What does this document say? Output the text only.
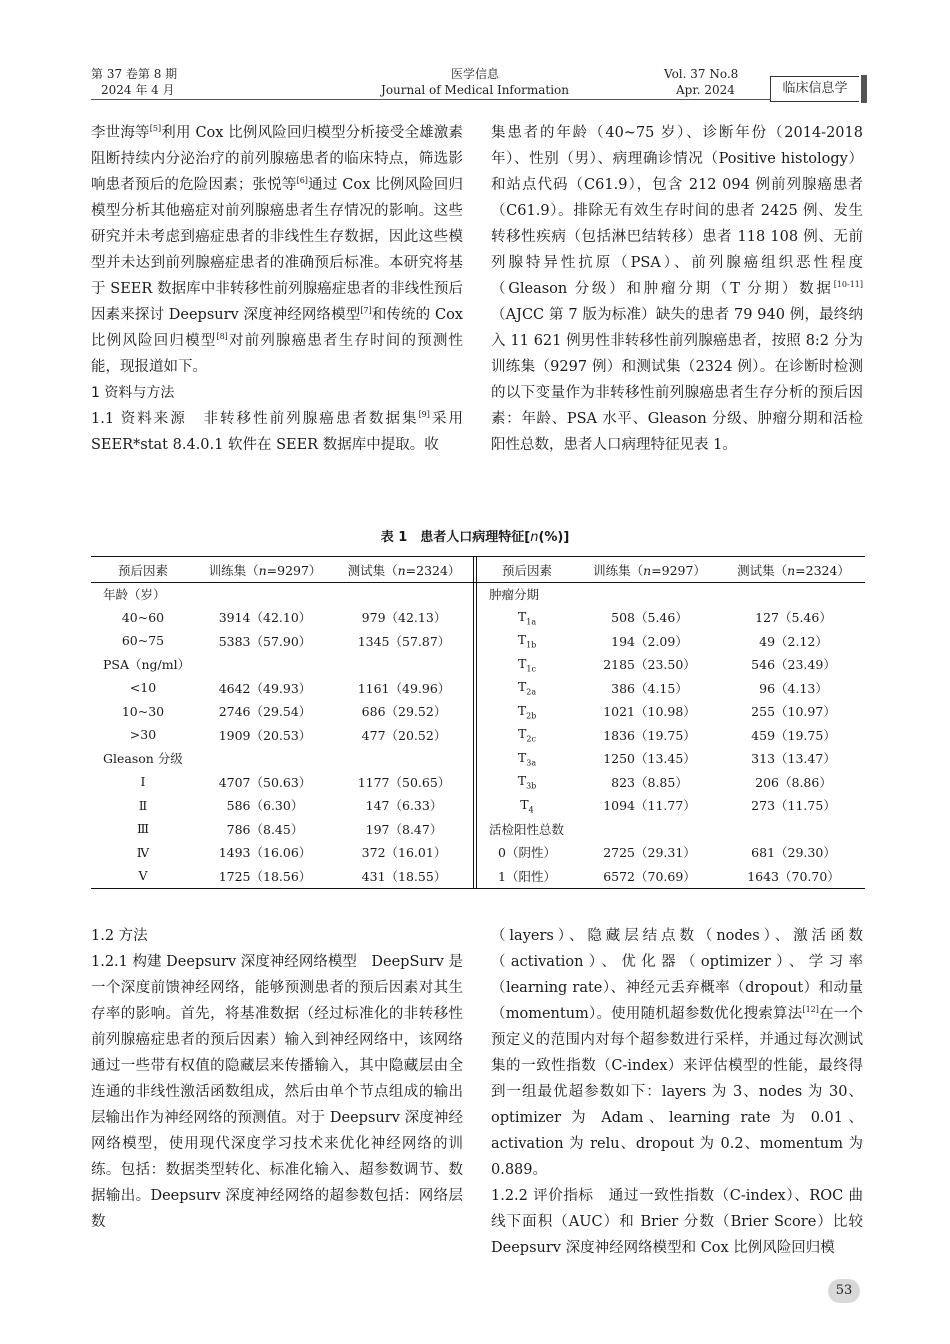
第 37 卷第 8 期
2024 年 4 月
医学信息
Journal of Medical Information
Vol. 37 No.8
Apr. 2024	临床信息学

李世海等[5]利用 Cox 比例风险回归模型分析接受全雄激素阻断持续内分泌治疗的前列腺癌患者的临床特点，筛选影响患者预后的危险因素；张悦等[6]通过 Cox 比例风险回归模型分析其他癌症对前列腺癌患者生存情况的影响。这些研究并未考虑到癌症患者的非线性生存数据，因此这些模型并未达到前列腺癌症患者的准确预后标准。本研究将基于 SEER 数据库中非转移性前列腺癌症患者的非线性预后因素来探讨 Deepsurv 深度神经网络模型[7]和传统的 Cox 比例风险回归模型[8]对前列腺癌患者生存时间的预测性能，现报道如下。

1 资料与方法

1.1 资料来源　非转移性前列腺癌患者数据集[9]采用 SEER*stat 8.4.0.1 软件在 SEER 数据库中提取。收

集患者的年龄（40~75 岁）、诊断年份（2014-2018年）、性别（男）、病理确诊情况（Positive histology）和站点代码（C61.9），包含 212 094 例前列腺癌患者（C61.9）。排除无有效生存时间的患者 2425 例、发生转移性疾病（包括淋巴结转移）患者 118 108 例、无前列腺特异性抗原（PSA）、前列腺癌组织恶性程度（Gleason 分级）和肿瘤分期（T 分期）数据[10-11]（AJCC 第 7 版为标准）缺失的患者 79 940 例，最终纳入 11 621 例男性非转移性前列腺癌患者，按照 8:2 分为训练集（9297 例）和测试集（2324 例）。在诊断时检测的以下变量作为非转移性前列腺癌患者生存分析的预后因素：年龄、PSA 水平、Gleason 分级、肿瘤分期和活检阳性总数，患者人口病理特征见表 1。

表 1　患者人口病理特征[n(%)]
预后因素	训练集（n=9297）	测试集（n=2324）
年龄（岁）		
40~60	3914（42.10）	979（42.13）
60~75	5383（57.90）	1345（57.87）
PSA（ng/ml）		
<10	4642（49.93）	1161（49.96）
10~30	2746（29.54）	686（29.52）
>30	1909（20.53）	477（20.52）
Gleason 分级		
Ⅰ	4707（50.63）	1177（50.65）
Ⅱ	586（6.30）	147（6.33）
Ⅲ	786（8.45）	197（8.47）
Ⅳ	1493（16.06）	372（16.01）
Ⅴ	1725（18.56）	431（18.55）
预后因素	训练集（n=9297）	测试集（n=2324）
肿瘤分期		
$T_{1a}$	508（5.46）	127（5.46）
$T_{1b}$	194（2.09）	49（2.12）
$T_{1c}$	2185（23.50）	546（23.49）
$T_{2a}$	386（4.15）	96（4.13）
$T_{2b}$	1021（10.98）	255（10.97）
$T_{2c}$	1836（19.75）	459（19.75）
$T_{3a}$	1250（13.45）	313（13.47）
$T_{3b}$	823（8.85）	206（8.86）
$T_4$	1094（11.77）	273（11.75）
活检阳性总数		
0（阴性）	2725（29.31）	681（29.30）
1（阳性）	6572（70.69）	1643（70.70）

1.2 方法

1.2.1 构建 Deepsurv 深度神经网络模型　DeepSurv 是一个深度前馈神经网络，能够预测患者的预后因素对其生存率的影响。首先，将基准数据（经过标准化的非转移性前列腺癌症患者的预后因素）输入到神经网络中，该网络通过一些带有权值的隐藏层来传播输入，其中隐藏层由全连通的非线性激活函数组成，然后由单个节点组成的输出层输出作为神经网络的预测值。对于 Deepsurv 深度神经网络模型，使用现代深度学习技术来优化神经网络的训练。包括：数据类型转化、标准化输入、超参数调节、数据输出。Deepsurv 深度神经网络的超参数包括：网络层数

（layers）、隐藏层结点数（nodes）、激活函数（activation）、优化器（optimizer）、学习率（learning rate）、神经元丢弃概率（dropout）和动量（momentum）。使用随机超参数优化搜索算法[12]在一个预定义的范围内对每个超参数进行采样，并通过每次测试集的一致性指数（C-index）来评估模型的性能，最终得到一组最优超参数如下：layers 为 3、nodes 为 30、optimizer 为 Adam、learning rate 为 0.01、activation 为 relu、dropout 为 0.2、momentum 为 0.889。

1.2.2 评价指标　通过一致性指数（C-index）、ROC 曲线下面积（AUC）和 Brier 分数（Brier Score）比较 Deepsurv 深度神经网络模型和 Cox 比例风险回归模

53
